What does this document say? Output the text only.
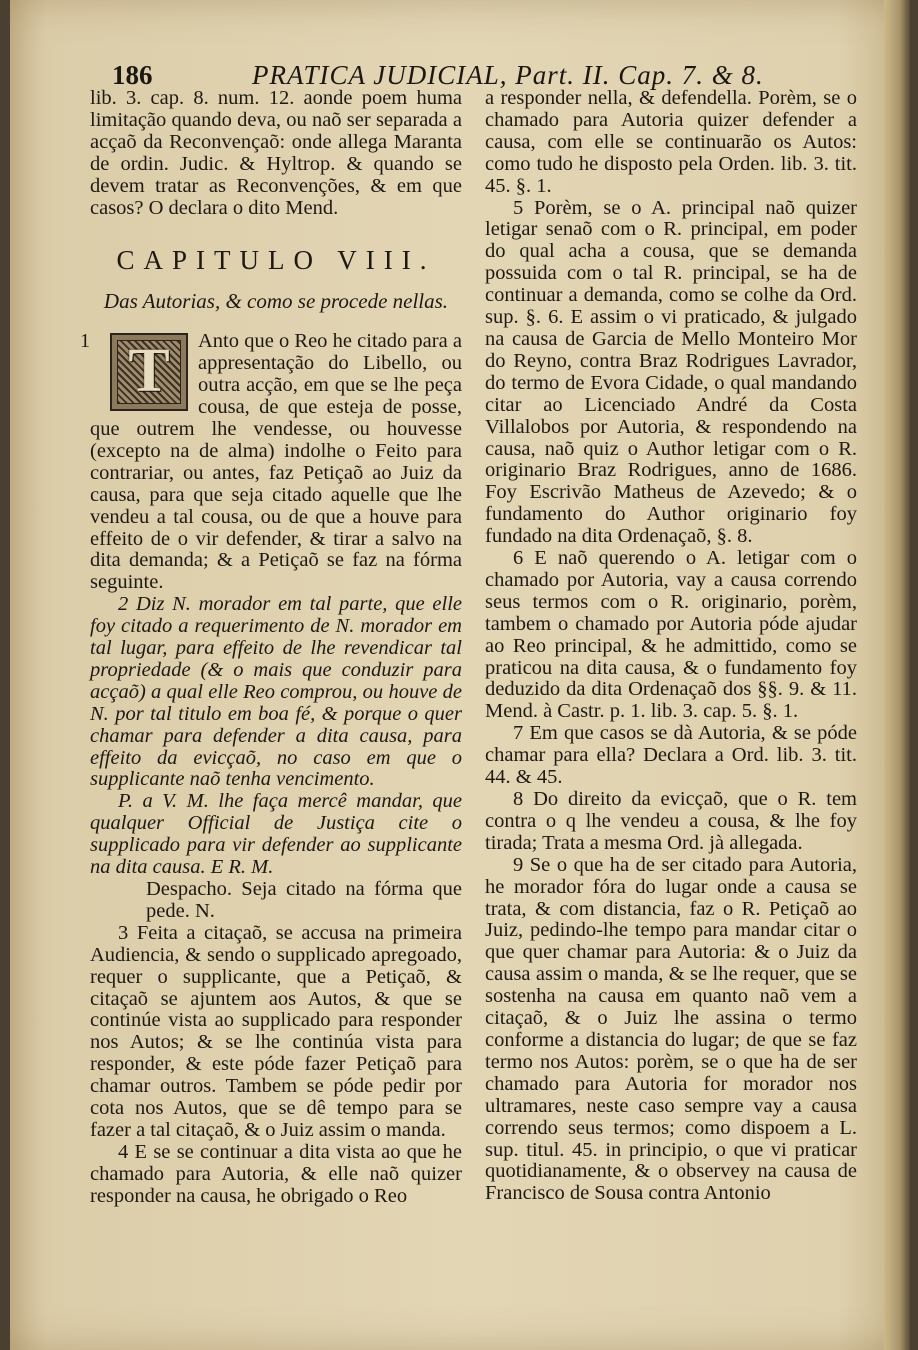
186	PRATICA JUDICIAL, Part. II. Cap. 7. & 8.

lib. 3. cap. 8. num. 12. aonde poem huma limitação quando deva, ou naõ ser separada a acçaõ da Reconvençaõ: onde allega Maranta de ordin. Judic. & Hyltrop. & quando se devem tratar as Reconvenções, & em que casos? O declara o dito Mend.

CAPITULO VIII.
Das Autorias, & como se procede nellas.
1 T	Anto que o Reo he citado para a appresentação do Libello, ou outra acção, em que se lhe peça cousa, de que esteja de posse, que outrem lhe vendesse, ou houvesse (excepto na de alma) indolhe o Feito para contrariar, ou antes, faz Petiçaõ ao Juiz da causa, para que seja citado aquelle que lhe vendeu a tal cousa, ou de que a houve para effeito de o vir defender, & tirar a salvo na dita demanda; & a Petiçaõ se faz na fórma seguinte.

2 Diz N. morador em tal parte, que elle foy citado a requerimento de N. morador em tal lugar, para effeito de lhe revendicar tal propriedade (& o mais que conduzir para acçaõ) a qual elle Reo comprou, ou houve de N. por tal titulo em boa fé, & porque o quer chamar para defender a dita causa, para effeito da evicçaõ, no caso em que o supplicante naõ tenha vencimento.

P. a V. M. lhe faça mercê mandar, que qualquer Official de Justiça cite o supplicado para vir defender ao supplicante na dita causa. E R. M.

Despacho. Seja citado na fórma que pede. N.

3 Feita a citaçaõ, se accusa na primeira Audiencia, & sendo o supplicado apregoado, requer o supplicante, que a Petiçaõ, & citaçaõ se ajuntem aos Autos, & que se continúe vista ao supplicado para responder nos Autos; & se lhe continúa vista para responder, & este póde fazer Petiçaõ para chamar outros. Tambem se póde pedir por cota nos Autos, que se dê tempo para se fazer a tal citaçaõ, & o Juiz assim o manda.

4 E se se continuar a dita vista ao que he chamado para Autoria, & elle naõ quizer responder na causa, he obrigado o Reo

a responder nella, & defendella. Porèm, se o chamado para Autoria quizer defender a causa, com elle se continuarão os Autos: como tudo he disposto pela Orden. lib. 3. tit. 45. §. 1.

5 Porèm, se o A. principal naõ quizer letigar senaõ com o R. principal, em poder do qual acha a cousa, que se demanda possuida com o tal R. principal, se ha de continuar a demanda, como se colhe da Ord. sup. §. 6. E assim o vi praticado, & julgado na causa de Garcia de Mello Monteiro Mor do Reyno, contra Braz Rodrigues Lavrador, do termo de Evora Cidade, o qual mandando citar ao Licenciado André da Costa Villalobos por Autoria, & respondendo na causa, naõ quiz o Author letigar com o R. originario Braz Rodrigues, anno de 1686. Foy Escrivão Matheus de Azevedo; & o fundamento do Author originario foy fundado na dita Ordenaçaõ, §. 8.

6 E naõ querendo o A. letigar com o chamado por Autoria, vay a causa correndo seus termos com o R. originario, porèm, tambem o chamado por Autoria póde ajudar ao Reo principal, & he admittido, como se praticou na dita causa, & o fundamento foy deduzido da dita Ordenaçaõ dos §§. 9. & 11. Mend. à Castr. p. 1. lib. 3. cap. 5. §. 1.

7 Em que casos se dà Autoria, & se póde chamar para ella? Declara a Ord. lib. 3. tit. 44. & 45.

8 Do direito da evicçaõ, que o R. tem contra o q lhe vendeu a cousa, & lhe foy tirada; Trata a mesma Ord. jà allegada.

9 Se o que ha de ser citado para Autoria, he morador fóra do lugar onde a causa se trata, & com distancia, faz o R. Petiçaõ ao Juiz, pedindo-lhe tempo para mandar citar o que quer chamar para Autoria: & o Juiz da causa assim o manda, & se lhe requer, que se sostenha na causa em quanto naõ vem a citaçaõ, & o Juiz lhe assina o termo conforme a distancia do lugar; de que se faz termo nos Autos: porèm, se o que ha de ser chamado para Autoria for morador nos ultramares, neste caso sempre vay a causa correndo seus termos; como dispoem a L. sup. titul. 45. in principio, o que vi praticar quotidianamente, & o observey na causa de Francisco de Sousa contra Antonio
